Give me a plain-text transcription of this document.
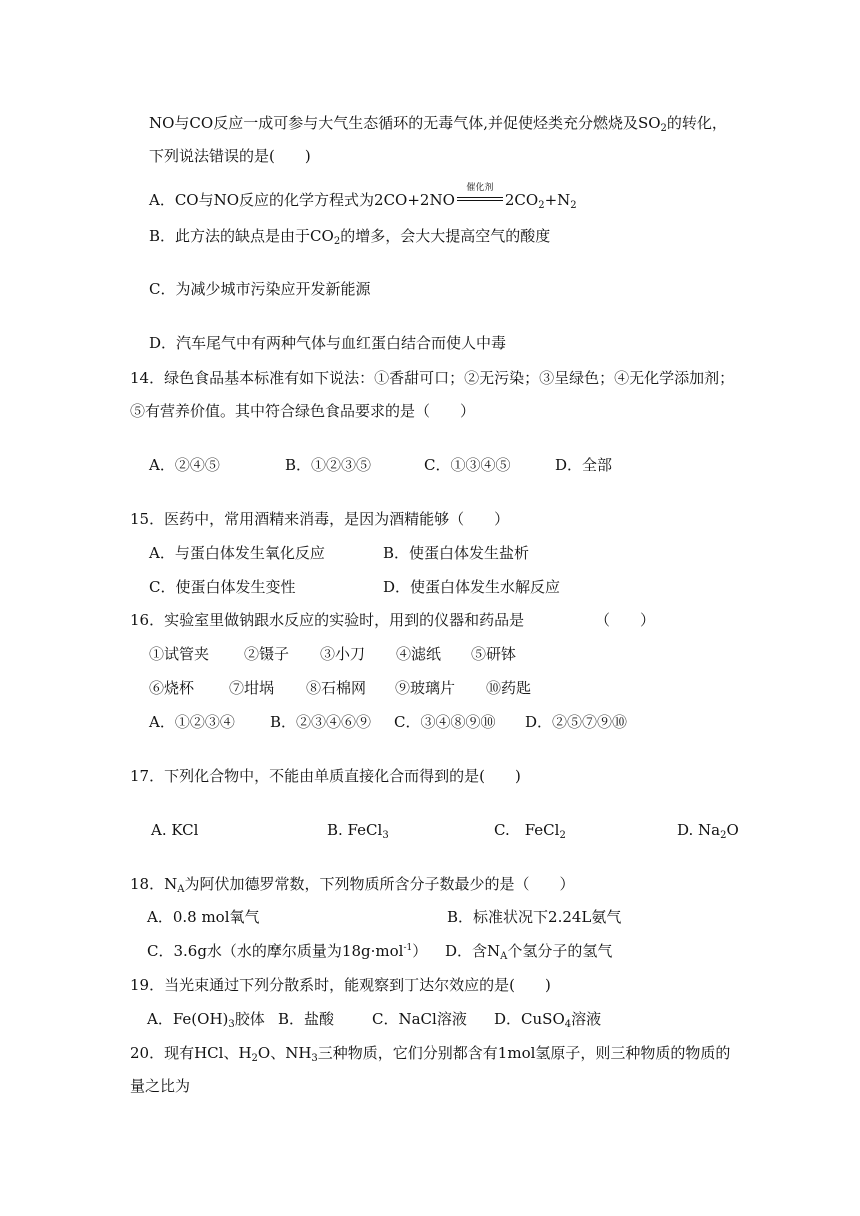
NO与CO反应一成可参与大气生态循环的无毒气体,并促使烃类充分燃烧及$SO_2$的转化，
下列说法错误的是(　　)
A．CO与NO反应的化学方程式为2CO+2NO
催化剂
$2CO_2+N_2$
B．此方法的缺点是由于$CO_2$的增多，会大大提高空气的酸度
C．为减少城市污染应开发新能源
D．汽车尾气中有两种气体与血红蛋白结合而使人中毒
14．绿色食品基本标准有如下说法：①香甜可口；②无污染；③呈绿色；④无化学添加剂；
⑤有营养价值。其中符合绿色食品要求的是（　　）
A．②④⑤	B．①②③⑤	C．①③④⑤	D．全部
15．医药中，常用酒精来消毒，是因为酒精能够（　　）
A．与蛋白体发生氧化反应	B．使蛋白体发生盐析
C．使蛋白体发生变性	D．使蛋白体发生水解反应
16．实验室里做钠跟水反应的实验时，用到的仪器和药品是	（　　）
①试管夹 ②镊子 ③小刀 ④滤纸 ⑤研钵
⑥烧杯 ⑦坩埚 ⑧石棉网 ⑨玻璃片 ⑩药匙
A．①②③④ B．②③④⑥⑨ C．③④⑧⑨⑩ D．②⑤⑦⑨⑩
17．下列化合物中，不能由单质直接化合而得到的是(　　)
A. KCl	B. FeCl$_3$	C.　FeCl$_2$	D. $Na_2O$
18．$N_A$为阿伏加德罗常数，下列物质所含分子数最少的是（　　）
A．0.8 mol氧气	B．标准状况下2.24L氨气
C．3.6g水（水的摩尔质量为18g·mol$^{-1}$） D．含$N_A$个氢分子的氢气
19．当光束通过下列分散系时，能观察到丁达尔效应的是(　　)
A．$Fe(OH)_3$胶体 B．盐酸	C．NaCl溶液 D．CuSO$_4$溶液
20．现有HCl、$H_2O$、$NH_3$三种物质，它们分别都含有1mol氢原子，则三种物质的物质的
量之比为
